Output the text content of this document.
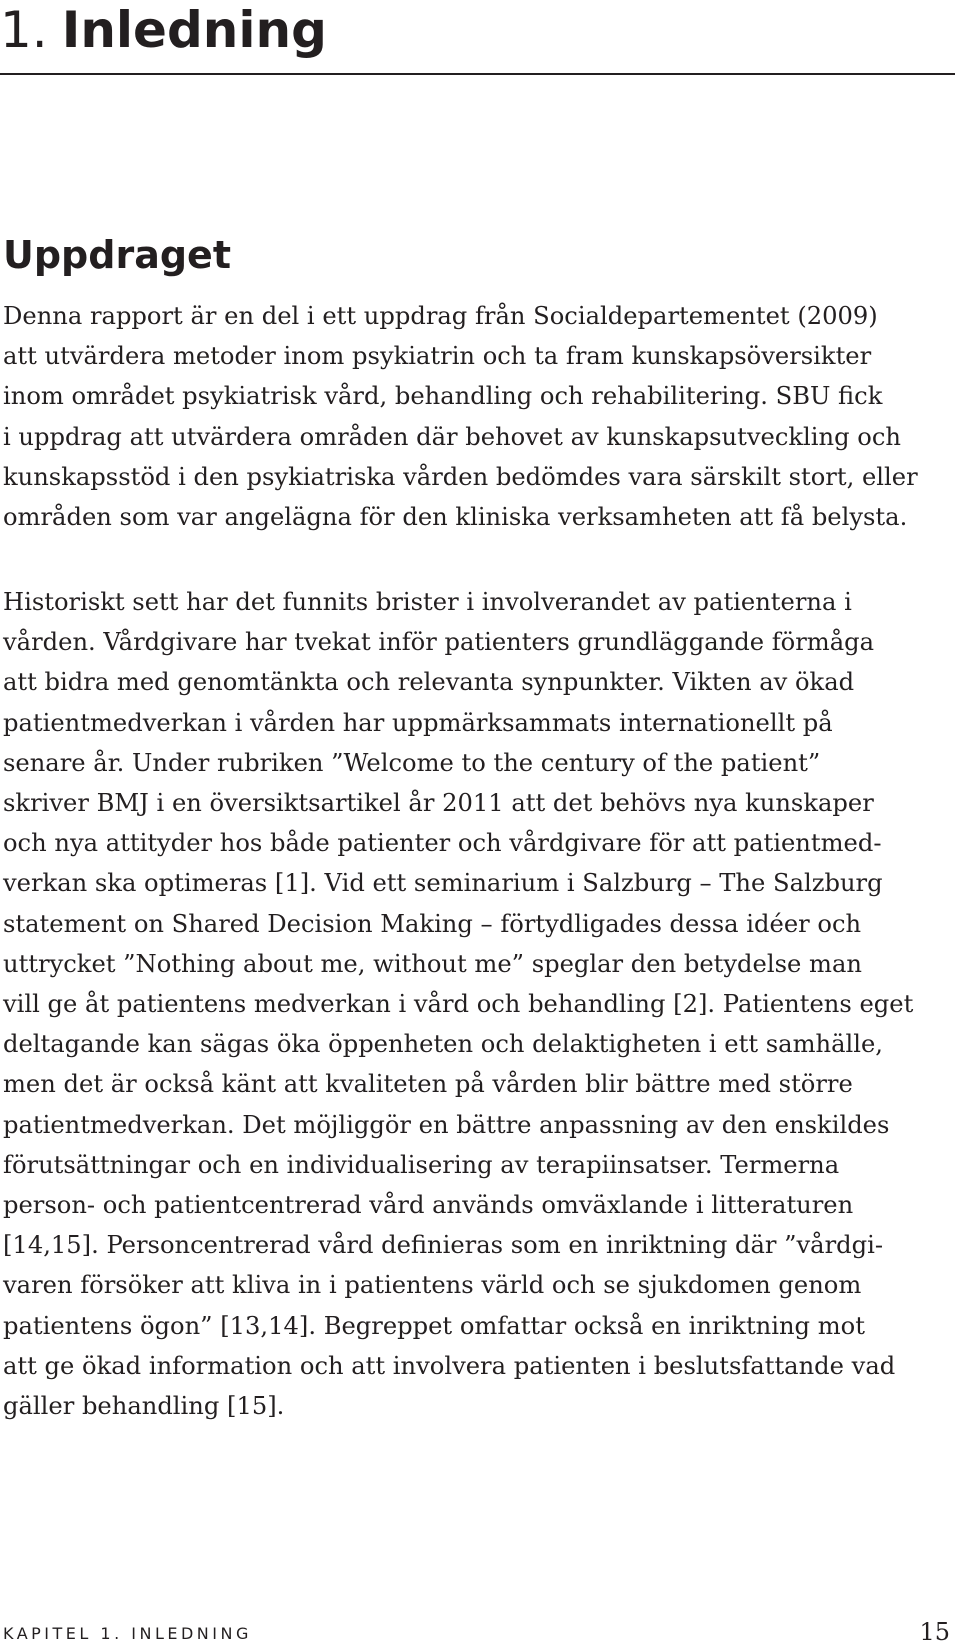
1. Inledning
Uppdraget
Denna rapport är en del i ett uppdrag från Socialdepartementet (2009)
att utvärdera metoder inom psykiatrin och ta fram kunskapsöversikter
inom området psykiatrisk vård, behandling och rehabilitering. SBU fick
i uppdrag att utvärdera områden där behovet av kunskapsutveckling och
kunskapsstöd i den psykiatriska vården bedömdes vara särskilt stort, eller
områden som var angelägna för den kliniska verksamheten att få belysta.
Historiskt sett har det funnits brister i involverandet av patienterna i
vården. Vårdgivare har tvekat inför patienters grundläggande förmåga
att bidra med genomtänkta och relevanta synpunkter. Vikten av ökad
patientmedverkan i vården har uppmärksammats internationellt på
senare år. Under rubriken ”Welcome to the century of the patient”
skriver BMJ i en översiktsartikel år 2011 att det behövs nya kunskaper
och nya attityder hos både patienter och vårdgivare för att patientmed-
verkan ska optimeras [1]. Vid ett seminarium i Salzburg – The Salzburg
statement on Shared Decision Making – förtydligades dessa idéer och
uttrycket ”Nothing about me, without me” speglar den betydelse man
vill ge åt patientens medverkan i vård och behandling [2]. Patientens eget
deltagande kan sägas öka öppenheten och delaktigheten i ett samhälle,
men det är också känt att kvaliteten på vården blir bättre med större
patientmedverkan. Det möjliggör en bättre anpassning av den enskildes
förutsättningar och en individualisering av terapiinsatser. Termerna
person- och patientcentrerad vård används omväxlande i litteraturen
[14,15]. Personcentrerad vård definieras som en inriktning där ”vårdgi-
varen försöker att kliva in i patientens värld och se sjukdomen genom
patientens ögon” [13,14]. Begreppet omfattar också en inriktning mot
att ge ökad information och att involvera patienten i beslutsfattande vad
gäller behandling [15].
KAPITEL 1. INLEDNING	15
